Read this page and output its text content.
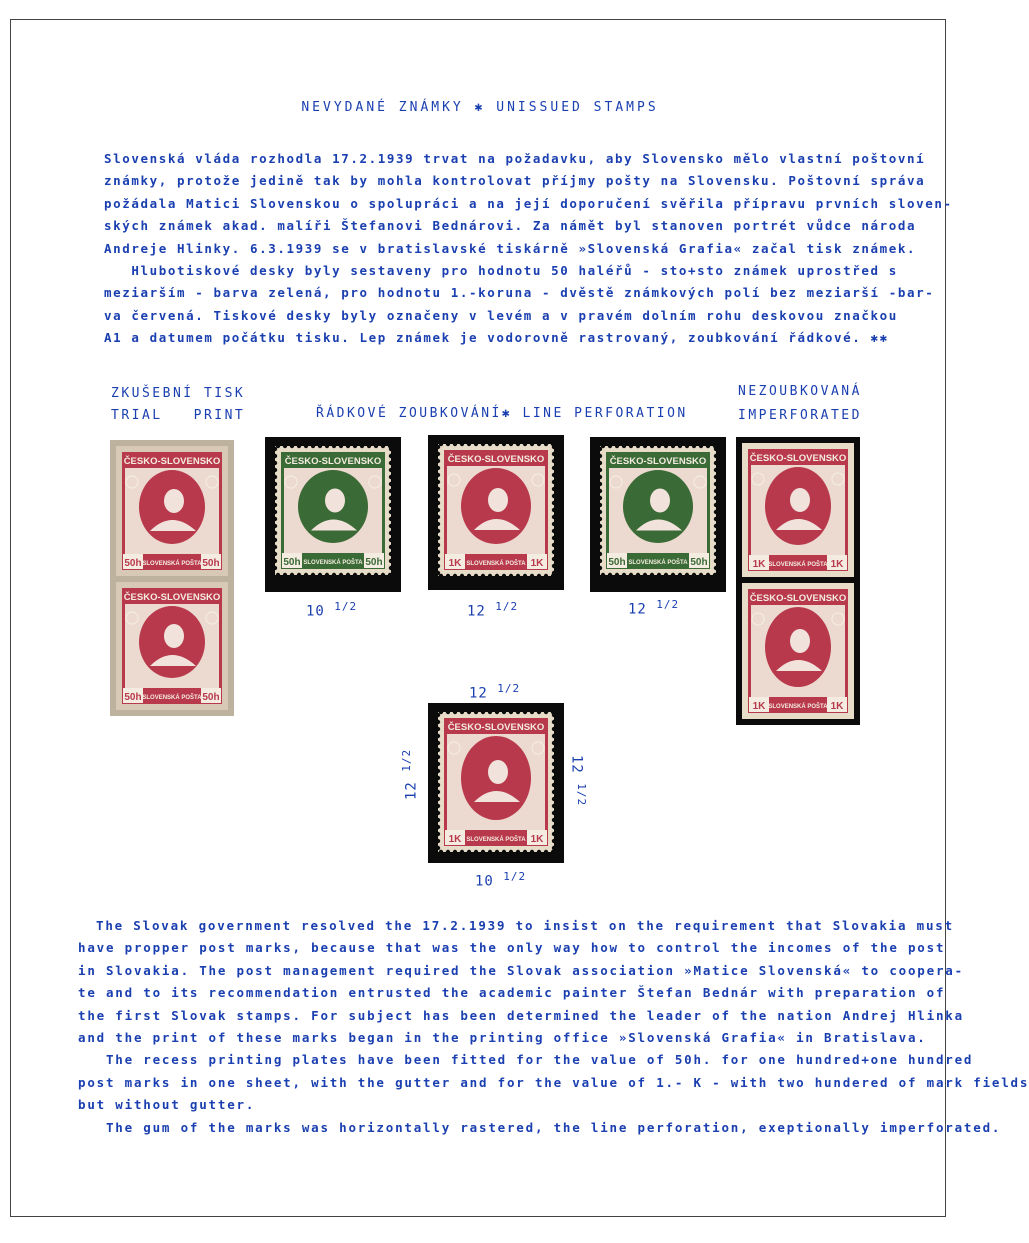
NEVYDANÉ ZNÁMKY ✱ UNISSUED STAMPS
Slovenská vláda rozhodla 17.2.1939 trvat na požadavku, aby Slovensko mělo vlastní poštovní
známky, protože jedině tak by mohla kontrolovat příjmy pošty na Slovensku. Poštovní správa
požádala Matici Slovenskou o spolupráci a na její doporučení svěřila přípravu prvních sloven-
ských známek akad. malíři Štefanovi Bednárovi. Za námět byl stanoven portrét vůdce národa
Andreje Hlinky. 6.3.1939 se v bratislavské tiskárně »Slovenská Grafia« začal tisk známek.
Hlubotiskové desky byly sestaveny pro hodnotu 50 haléřů - sto+sto známek uprostřed s
meziarším - barva zelená, pro hodnotu 1.-koruna - dvěstě známkových polí bez meziarší -bar-
va červená. Tiskové desky byly označeny v levém a v pravém dolním rohu deskovou značkou
A1 a datumem počátku tisku. Lep známek je vodorovně rastrovaný, zoubkování řádkové. ✱✱
ZKUŠEBNÍ TISK
TRIAL   PRINT	ŘÁDKOVÉ ZOUBKOVÁNÍ✱ LINE PERFORATION
NEZOUBKOVANÁ
IMPERFORATED
ČESKO-SLOVENSKO
50h	50h
SLOVENSKÁ POŠTA
ČESKO-SLOVENSKO
50h	50h
SLOVENSKÁ POŠTA
ČESKO-SLOVENSKO
50h	50h
SLOVENSKÁ POŠTA
ČESKO-SLOVENSKO
1K	1K
SLOVENSKÁ POŠTA
ČESKO-SLOVENSKO
50h	50h
SLOVENSKÁ POŠTA
ČESKO-SLOVENSKO
1K	1K
SLOVENSKÁ POŠTA
ČESKO-SLOVENSKO
1K	1K
SLOVENSKÁ POŠTA
ČESKO-SLOVENSKO
1K	1K
SLOVENSKÁ POŠTA
10 $^{1/2}$	12 $^{1/2}$	12 $^{1/2}$
12 $^{1/2}$
12 $^{1/2}$	12 $^{1/2}$
10 $^{1/2}$
The Slovak government resolved the 17.2.1939 to insist on the requirement that Slovakia must
have propper post marks, because that was the only way how to control the incomes of the post
in Slovakia. The post management required the Slovak association »Matice Slovenská« to coopera-
te and to its recommendation entrusted the academic painter Štefan Bednár with preparation of
the first Slovak stamps. For subject has been determined the leader of the nation Andrej Hlinka
and the print of these marks began in the printing office »Slovenská Grafia« in Bratislava.
The recess printing plates have been fitted for the value of 50h. for one hundred+one hundred
post marks in one sheet, with the gutter and for the value of 1.- K - with two hundered of mark fields
but without gutter.
The gum of the marks was horizontally rastered, the line perforation, exeptionally imperforated.
